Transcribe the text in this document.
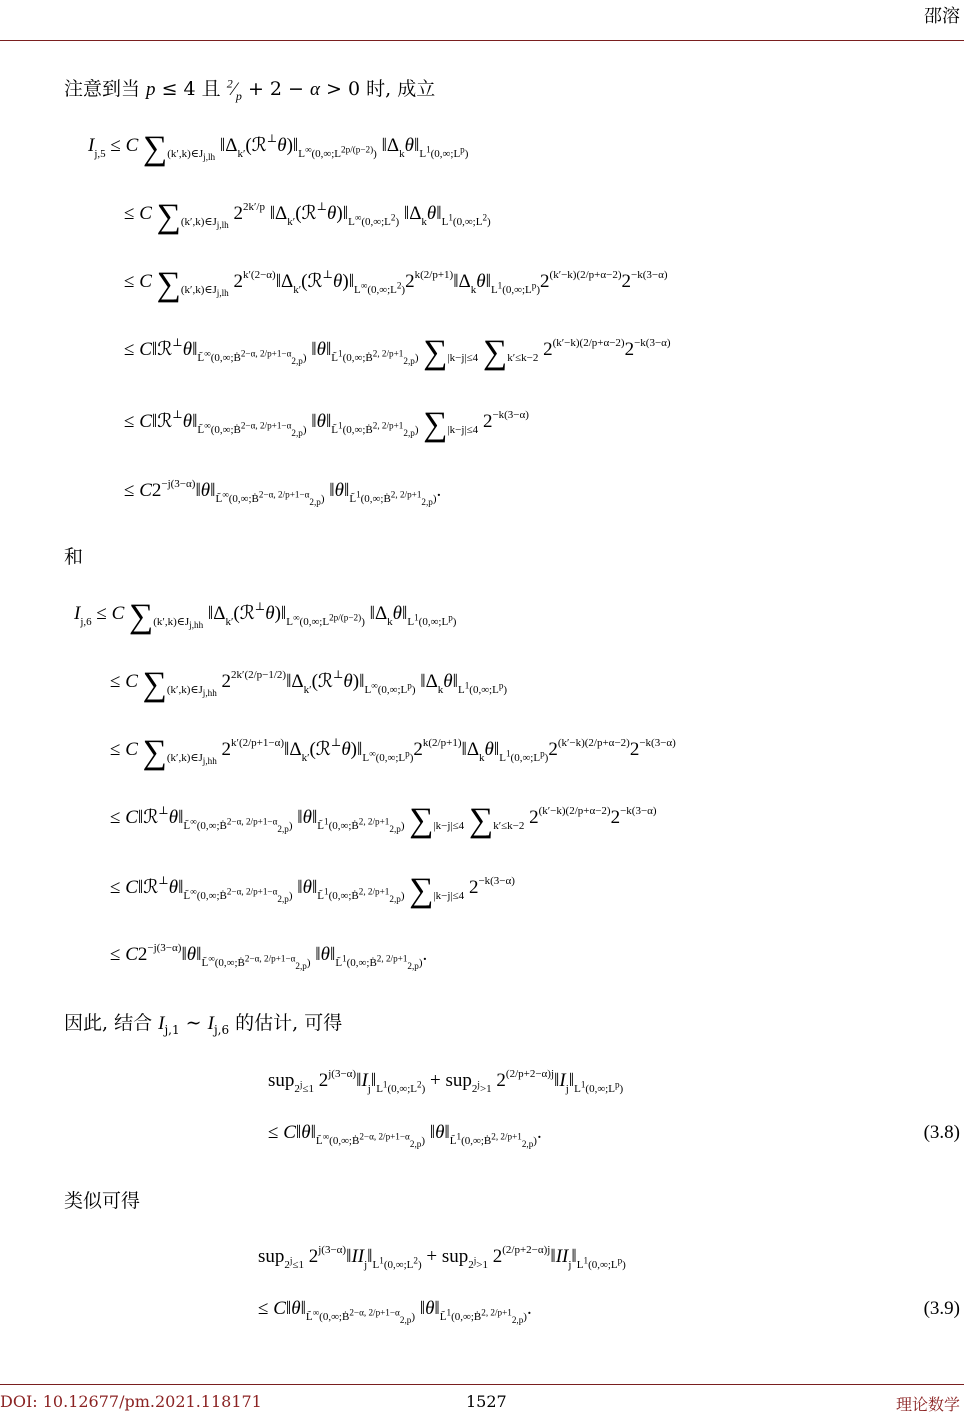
邵溶
注意到当 p ≤ 4 且 $^2⁄_p + 2 - \alpha > 0$ 时, 成立
$I_{j,5} \le C$ $\sum_{(k',k)\in J_{j,lh}}$ $‖\Delta_{k'}(ℛ^\perp\theta)‖_{L^\infty(0,\infty;L^{2p/(p-2)})}$ $‖\Delta_k\theta‖_{L^1(0,\infty;L^p)}$
≤ C $\sum_{(k',k)\in J_{j,lh}}$ $2^{2k'/p}$ $‖\Delta_{k'}(ℛ^\perp\theta)‖_{L^\infty(0,\infty;L^2)}$ $‖\Delta_k\theta‖_{L^1(0,\infty;L^2)}$
≤ C $\sum_{(k',k)\in J_{j,lh}}$ $2^{k'(2-\alpha)}‖\Delta_{k'}(ℛ^\perp\theta)‖_{L^\infty(0,\infty;L^2)}2^{k(2/p+1)}‖\Delta_k\theta‖_{L^1(0,\infty;L^p)}2^{(k'-k)(2/p+\alpha-2)}2^{-k(3-\alpha)}$
≤ $C‖ℛ^\perp\theta‖_{L̃^\infty(0,\infty;Ḃ^{2-\alpha, 2/p+1-\alpha}_{2,p})}$ $‖\theta‖_{L̃^1(0,\infty;Ḃ^{2, 2/p+1}_{2,p})}$ $\sum_{|k-j|\le 4}$ $\sum_{k'\le k-2}$ $2^{(k'-k)(2/p+\alpha-2)}2^{-k(3-\alpha)}$
≤ $C‖ℛ^\perp\theta‖_{L̃^\infty(0,\infty;Ḃ^{2-\alpha, 2/p+1-\alpha}_{2,p})}$ $‖\theta‖_{L̃^1(0,\infty;Ḃ^{2, 2/p+1}_{2,p})}$ $\sum_{|k-j|\le 4}$ $2^{-k(3-\alpha)}$
≤ $C2^{-j(3-\alpha)}‖\theta‖_{L̃^\infty(0,\infty;Ḃ^{2-\alpha, 2/p+1-\alpha}_{2,p})}$ $‖\theta‖_{L̃^1(0,\infty;Ḃ^{2, 2/p+1}_{2,p})}$.
和
$I_{j,6} \le C$ $\sum_{(k',k)\in J_{j,hh}}$ $‖\Delta_{k'}(ℛ^\perp\theta)‖_{L^\infty(0,\infty;L^{2p/(p-2)})}$ $‖\Delta_k\theta‖_{L^1(0,\infty;L^p)}$
≤ C $\sum_{(k',k)\in J_{j,hh}}$ $2^{2k'(2/p-1/2)}‖\Delta_{k'}(ℛ^\perp\theta)‖_{L^\infty(0,\infty;L^p)}$ $‖\Delta_k\theta‖_{L^1(0,\infty;L^p)}$
≤ C $\sum_{(k',k)\in J_{j,hh}}$ $2^{k'(2/p+1-\alpha)}‖\Delta_{k'}(ℛ^\perp\theta)‖_{L^\infty(0,\infty;L^p)}2^{k(2/p+1)}‖\Delta_k\theta‖_{L^1(0,\infty;L^p)}2^{(k'-k)(2/p+\alpha-2)}2^{-k(3-\alpha)}$
≤ $C‖ℛ^\perp\theta‖_{L̃^\infty(0,\infty;Ḃ^{2-\alpha, 2/p+1-\alpha}_{2,p})}$ $‖\theta‖_{L̃^1(0,\infty;Ḃ^{2, 2/p+1}_{2,p})}$ $\sum_{|k-j|\le 4}$ $\sum_{k'\le k-2}$ $2^{(k'-k)(2/p+\alpha-2)}2^{-k(3-\alpha)}$
≤ $C‖ℛ^\perp\theta‖_{L̃^\infty(0,\infty;Ḃ^{2-\alpha, 2/p+1-\alpha}_{2,p})}$ $‖\theta‖_{L̃^1(0,\infty;Ḃ^{2, 2/p+1}_{2,p})}$ $\sum_{|k-j|\le 4}$ $2^{-k(3-\alpha)}$
≤ $C2^{-j(3-\alpha)}‖\theta‖_{L̃^\infty(0,\infty;Ḃ^{2-\alpha, 2/p+1-\alpha}_{2,p})}$ $‖\theta‖_{L̃^1(0,\infty;Ḃ^{2, 2/p+1}_{2,p})}$.
因此, 结合 $I_{j,1}$ ∼ $I_{j,6}$ 的估计, 可得
sup$_{2^j\le 1}$ $2^{j(3-\alpha)}‖I_j‖_{L^1(0,\infty;L^2)} + sup_{2^j>1}$ $2^{(2/p+2-\alpha)j}‖I_j‖_{L^1(0,\infty;L^p)}$
≤ $C‖\theta‖_{L̃^\infty(0,\infty;Ḃ^{2-\alpha, 2/p+1-\alpha}_{2,p})}$ $‖\theta‖_{L̃^1(0,\infty;Ḃ^{2, 2/p+1}_{2,p})}$.	(3.8)
类似可得
sup$_{2^j\le 1}$ $2^{j(3-\alpha)}‖II_j‖_{L^1(0,\infty;L^2)} + sup_{2^j>1}$ $2^{(2/p+2-\alpha)j}‖II_j‖_{L^1(0,\infty;L^p)}$
≤ $C‖\theta‖_{L̃^\infty(0,\infty;Ḃ^{2-\alpha, 2/p+1-\alpha}_{2,p})}$ $‖\theta‖_{L̃^1(0,\infty;Ḃ^{2, 2/p+1}_{2,p})}$.	(3.9)
DOI: 10.12677/pm.2021.118171	1527	理论数学
